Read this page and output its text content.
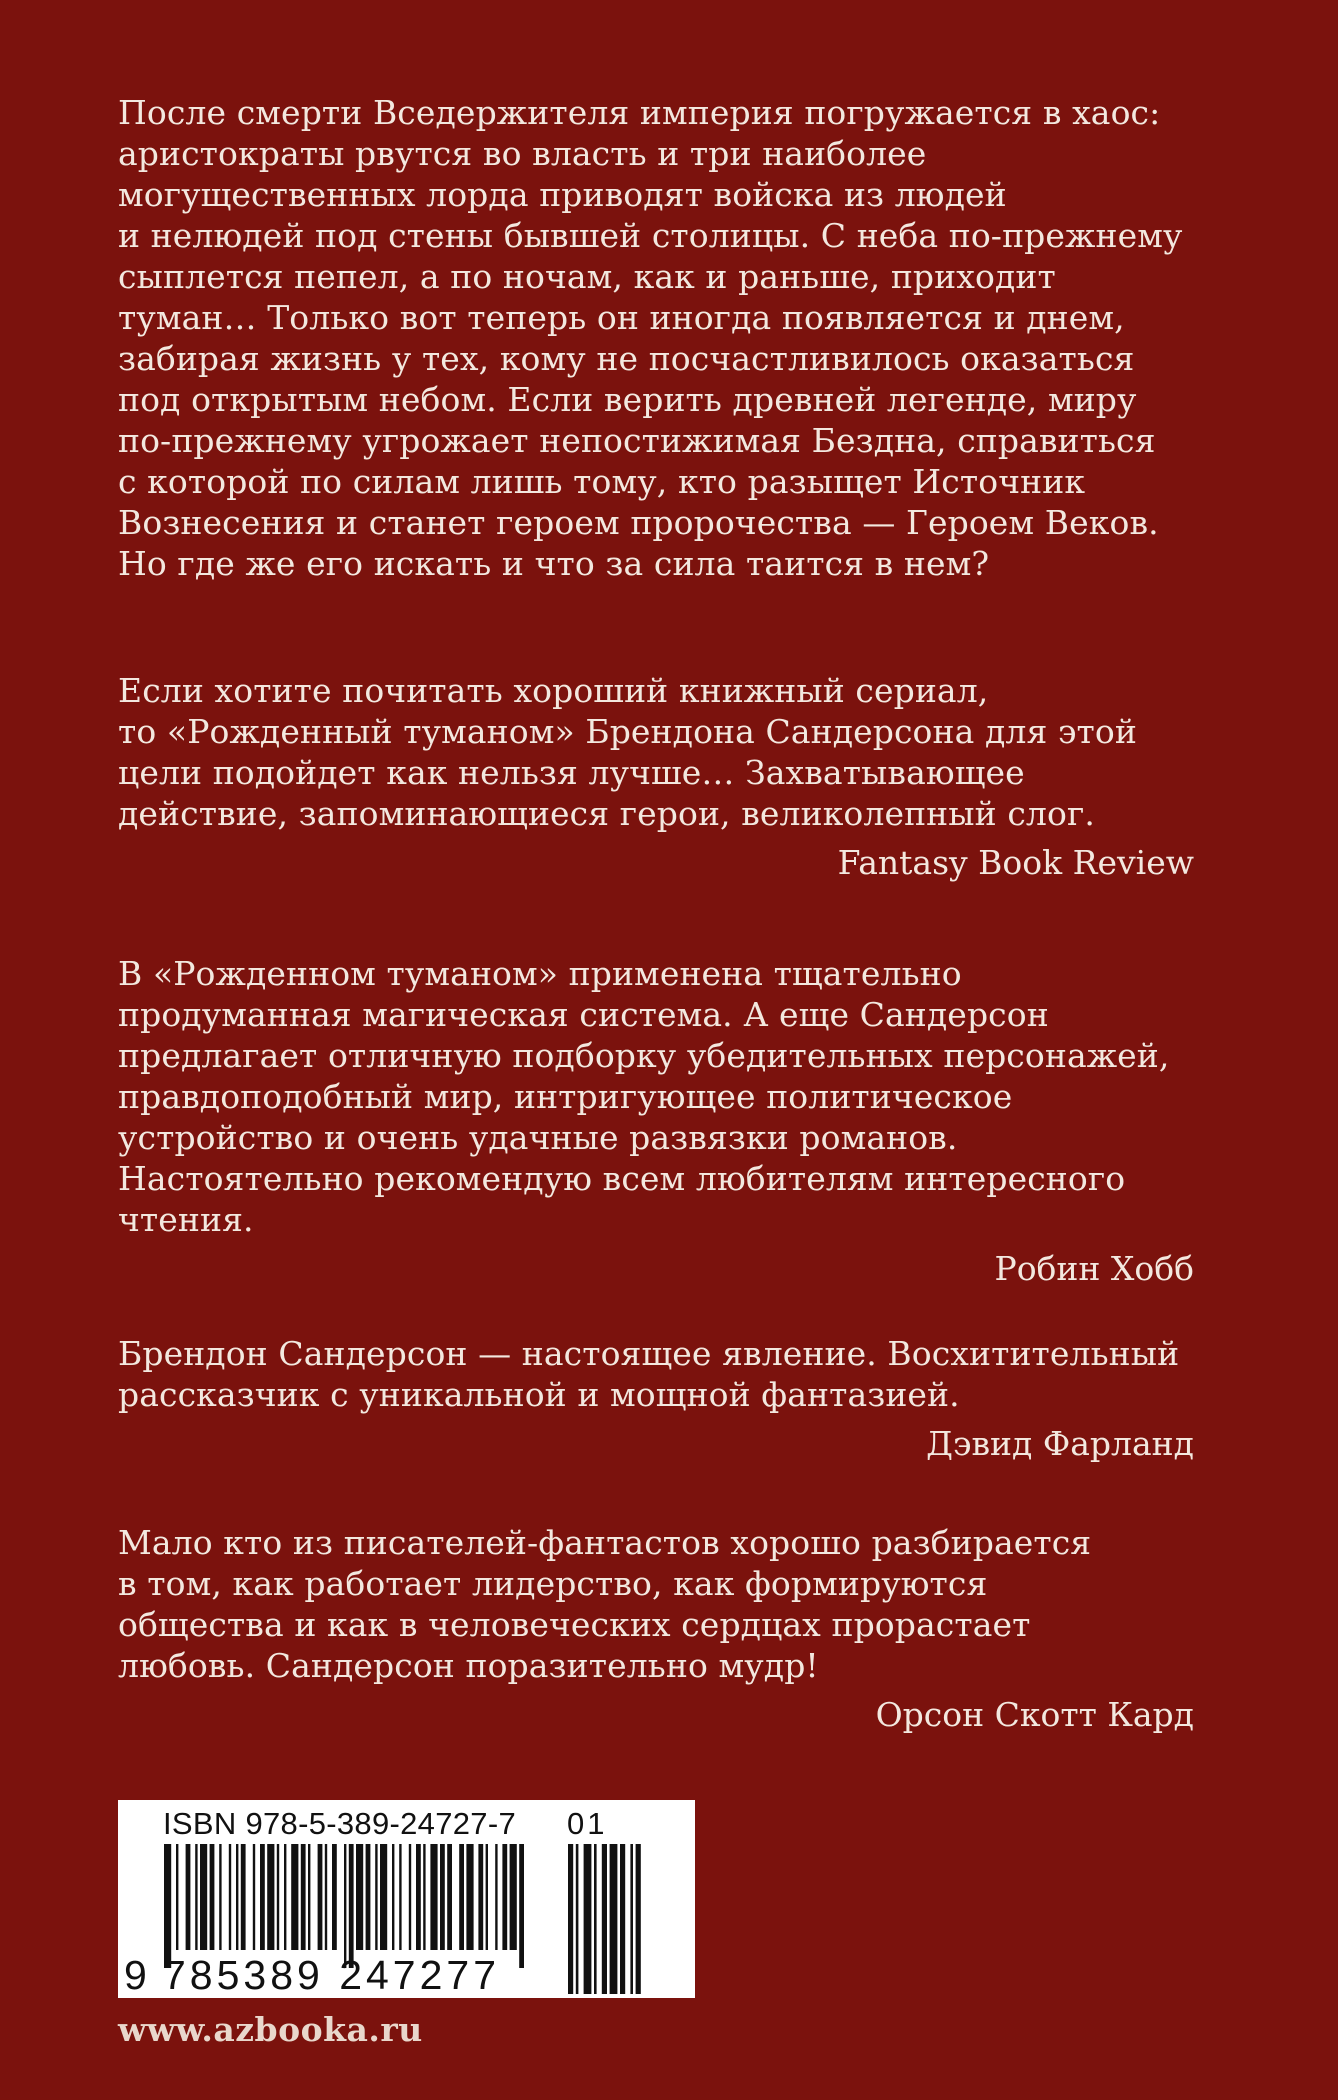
После смерти Вседержителя империя погружается в хаос:
аристократы рвутся во власть и три наиболее
могущественных лорда приводят войска из людей
и нелюдей под стены бывшей столицы. С неба по-прежнему
сыплется пепел, а по ночам, как и раньше, приходит
туман… Только вот теперь он иногда появляется и днем,
забирая жизнь у тех, кому не посчастливилось оказаться
под открытым небом. Если верить древней легенде, миру
по-прежнему угрожает непостижимая Бездна, справиться
с которой по силам лишь тому, кто разыщет Источник
Вознесения и станет героем пророчества — Героем Веков.
Но где же его искать и что за сила таится в нем?

Если хотите почитать хороший книжный сериал,
то «Рожденный туманом» Брендона Сандерсона для этой
цели подойдет как нельзя лучше… Захватывающее
действие, запоминающиеся герои, великолепный слог.

Fantasy Book Review

В «Рожденном туманом» применена тщательно
продуманная магическая система. А еще Сандерсон
предлагает отличную подборку убедительных персонажей,
правдоподобный мир, интригующее политическое
устройство и очень удачные развязки романов.
Настоятельно рекомендую всем любителям интересного
чтения.

Робин Хобб

Брендон Сандерсон — настоящее явление. Восхитительный
рассказчик с уникальной и мощной фантазией.

Дэвид Фарланд

Мало кто из писателей-фантастов хорошо разбирается
в том, как работает лидерство, как формируются
общества и как в человеческих сердцах прорастает
любовь. Сандерсон поразительно мудр!

Орсон Скотт Кард

ISBN 978-5-389-24727-7 01
9 785389 247277
www.azbooka.ru
